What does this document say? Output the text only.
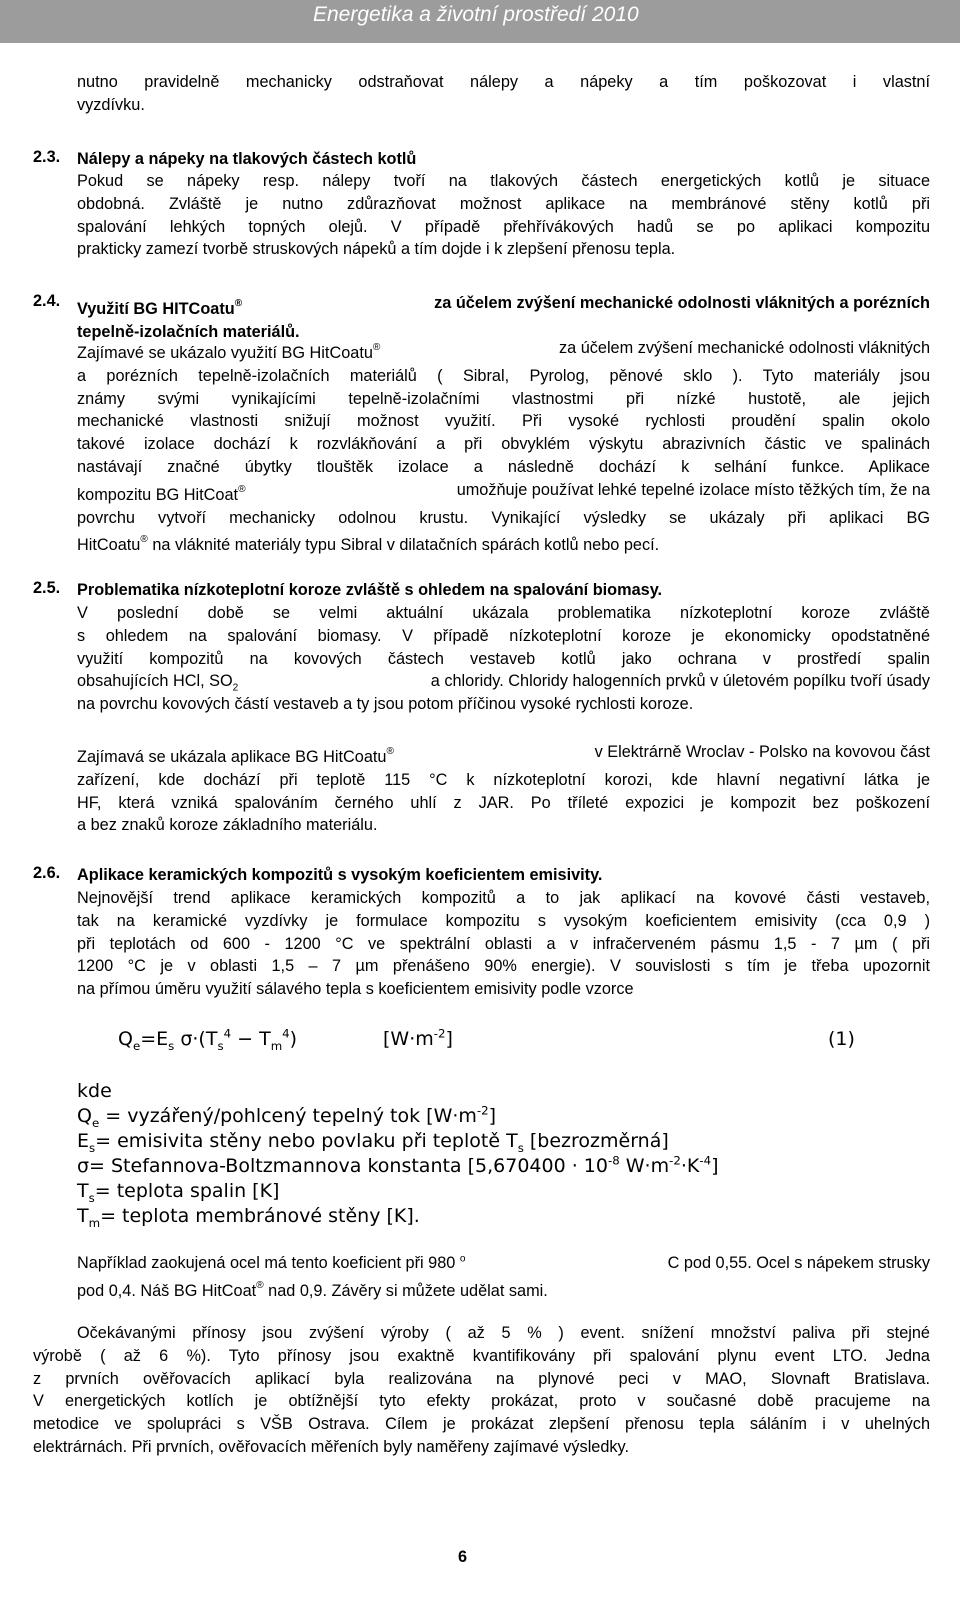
Energetika a životní prostředí 2010
nutno pravidelně mechanicky odstraňovat nálepy a nápeky a tím poškozovat i vlastní
vyzdívku.
2.3. Nálepy a nápeky na tlakových částech kotlů
Pokud se nápeky resp. nálepy tvoří na tlakových částech energetických kotlů je situace
obdobná. Zvláště je nutno zdůrazňovat možnost aplikace na membránové stěny kotlů při
spalování lehkých topných olejů. V případě přehřívákových hadů se po aplikaci kompozitu
prakticky zamezí tvorbě struskových nápeků a tím dojde i k zlepšení přenosu tepla.
2.4. Využití BG HITCoatu®	za účelem zvýšení mechanické odolnosti vláknitých a porézních
tepelně-izolačních materiálů.
Zajímavé se ukázalo využití BG HitCoatu®	za účelem zvýšení mechanické odolnosti vláknitých
a porézních tepelně-izolačních materiálů ( Sibral, Pyrolog, pěnové sklo ). Tyto materiály jsou
známy svými vynikajícími tepelně-izolačními vlastnostmi při nízké hustotě, ale jejich
mechanické vlastnosti snižují možnost využití. Při vysoké rychlosti proudění spalin okolo
takové izolace dochází k rozvlákňování a při obvyklém výskytu abrazivních částic ve spalinách
nastávají značné úbytky tlouštěk izolace a následně dochází k selhání funkce. Aplikace
kompozitu BG HitCoat®	umožňuje používat lehké tepelné izolace místo těžkých tím, že na
povrchu vytvoří mechanicky odolnou krustu. Vynikající výsledky se ukázaly při aplikaci BG
HitCoatu® na vláknité materiály typu Sibral v dilatačních spárách kotlů nebo pecí.
2.5. Problematika nízkoteplotní koroze zvláště s ohledem na spalování biomasy.
V poslední době se velmi aktuální ukázala problematika nízkoteplotní koroze zvláště
s ohledem na spalování biomasy. V případě nízkoteplotní koroze je ekonomicky opodstatněné
využití kompozitů na kovových částech vestaveb kotlů jako ochrana v prostředí spalin
obsahujících HCl, $SO_2$	a chloridy. Chloridy halogenních prvků v úletovém popílku tvoří úsady
na povrchu kovových částí vestaveb a ty jsou potom příčinou vysoké rychlosti koroze.
Zajímavá se ukázala aplikace BG HitCoatu®	v Elektrárně Wroclav - Polsko na kovovou část
zařízení, kde dochází při teplotě 115 °C k nízkoteplotní korozi, kde hlavní negativní látka je
HF, která vzniká spalováním černého uhlí z JAR. Po tříleté expozici je kompozit bez poškození
a bez znaků koroze základního materiálu.
2.6. Aplikace keramických kompozitů s vysokým koeficientem emisivity.
Nejnovější trend aplikace keramických kompozitů a to jak aplikací na kovové části vestaveb,
tak na keramické vyzdívky je formulace kompozitu s vysokým koeficientem emisivity (cca 0,9 )
při teplotách od 600 - 1200 °C ve spektrální oblasti a v infračerveném pásmu 1,5 - 7 µm ( při
1200 °C je v oblasti 1,5 – 7 µm přenášeno 90% energie). V souvislosti s tím je třeba upozornit
na přímou úměru využití sálavého tepla s koeficientem emisivity podle vzorce
$Q_e=E_s$ $\sigma\cdot(T_s^4 - T_m^4)$	$[W\cdot m^{-2}]$	(1)
kde
$Q_e$ = vyzářený/pohlcený tepelný tok $[W\cdot m^{-2}]$
$E_s=$ emisivita stěny nebo povlaku při teplotě $T_s$ [bezrozměrná]
σ= Stefannova-Boltzmannova konstanta [$5,670400 \cdot 10^{-8}$ $W\cdot m^{-2}\cdot K^{-4}$]
$T_s=$ teplota spalin [K]
$T_m=$ teplota membránové stěny [K].
Například zaokujená ocel má tento koeficient při 980 $^o$	C pod 0,55. Ocel s nápekem strusky
pod 0,4. Náš BG HitCoat® nad 0,9. Závěry si můžete udělat sami.
Očekávanými přínosy jsou zvýšení výroby ( až 5 % ) event. snížení množství paliva při stejné
výrobě ( až 6 %). Tyto přínosy jsou exaktně kvantifikovány při spalování plynu event LTO. Jedna
z prvních ověřovacích aplikací byla realizována na plynové peci v MAO, Slovnaft Bratislava.
V energetických kotlích je obtížnější tyto efekty prokázat, proto v současné době pracujeme na
metodice ve spolupráci s VŠB Ostrava. Cílem je prokázat zlepšení přenosu tepla sáláním i v uhelných
elektrárnách. Při prvních, ověřovacích měřeních byly naměřeny zajímavé výsledky.
6
